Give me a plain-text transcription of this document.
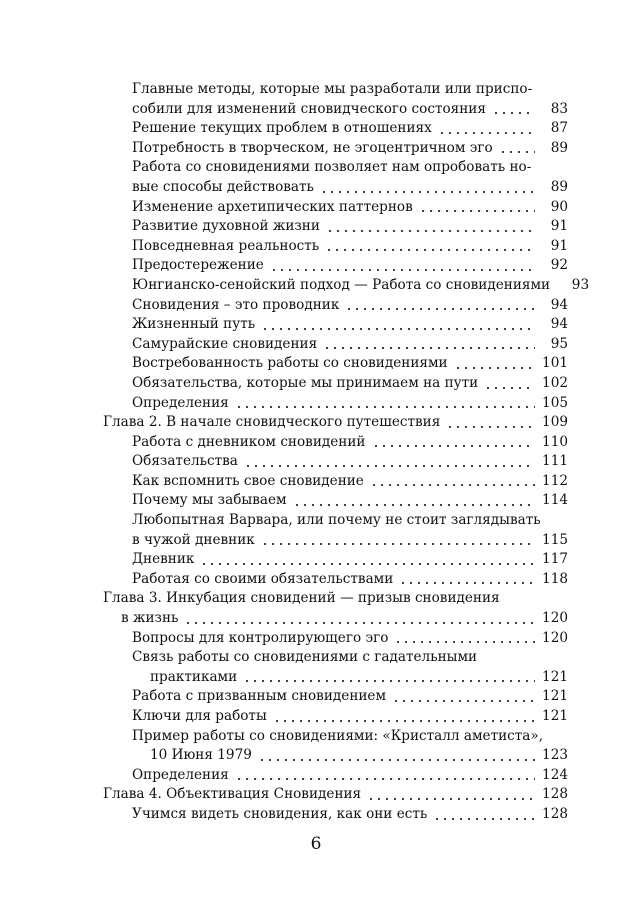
Главные методы, которые мы разработали или приспо-
собили для изменений сновидческого состояния	83
Решение текущих проблем в отношениях	87
Потребность в творческом, не эгоцентричном эго	89
Работа со сновидениями позволяет нам опробовать но-
вые способы действовать	89
Изменение архетипических паттернов	90
Развитие духовной жизни	91
Повседневная реальность	91
Предостережение	92
Юнгианско-сенойский подход — Работа со сновидениями	93
Сновидения – это проводник	94
Жизненный путь	94
Самурайские сновидения	95
Востребованность работы со сновидениями	101
Обязательства, которые мы принимаем на пути	102
Определения	105
Глава 2. В начале сновидческого путешествия	109
Работа с дневником сновидений	110
Обязательства	111
Как вспомнить свое сновидение	112
Почему мы забываем	114
Любопытная Варвара, или почему не стоит заглядывать
в чужой дневник	115
Дневник	117
Работая со своими обязательствами	118
Глава 3. Инкубация сновидений — призыв сновидения
в жизнь	120
Вопросы для контролирующего эго	120
Связь работы со сновидениями с гадательными
практиками	121
Работа с призванным сновидением	121
Ключи для работы	121
Пример работы со сновидениями: «Кристалл аметиста»,
10 Июня 1979	123
Определения	124
Глава 4. Объективация Сновидения	128
Учимся видеть сновидения, как они есть	128
6
